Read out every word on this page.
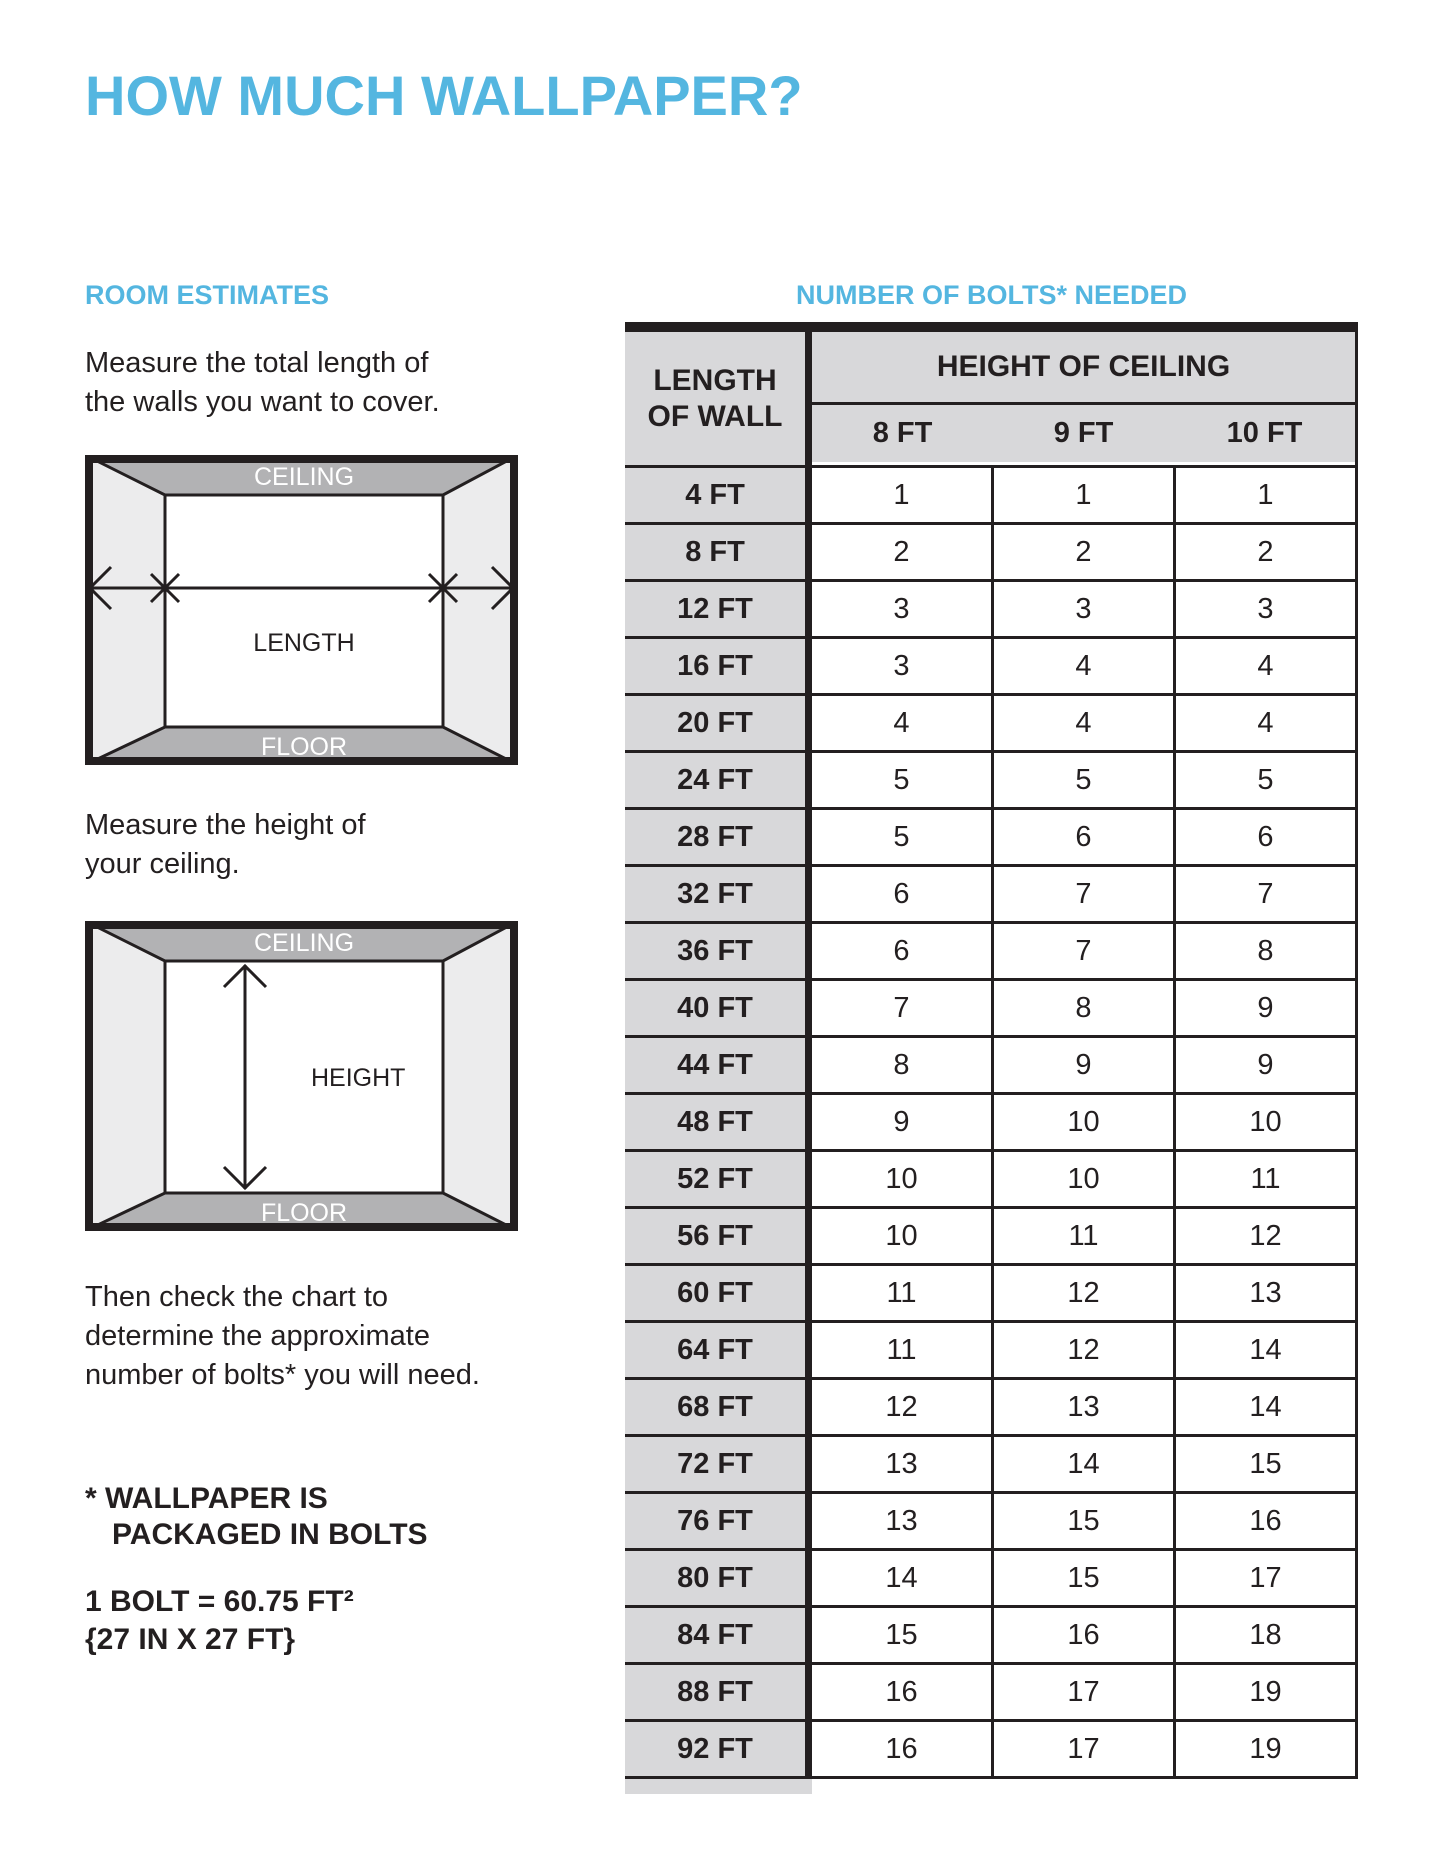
HOW MUCH WALLPAPER?
ROOM ESTIMATES	NUMBER OF BOLTS* NEEDED
Measure the total length of
the walls you want to cover.
CEILING
LENGTH
FLOOR
Measure the height of
your ceiling.
CEILING
HEIGHT
FLOOR
Then check the chart to
determine the approximate
number of bolts* you will need.
* WALLPAPER IS
PACKAGED IN BOLTS
1 BOLT = 60.75 FT²
{27 IN X 27 FT}
LENGTH
OF WALL
HEIGHT OF CEILING
8 FT	9 FT	10 FT
4 FT	1	1	1
8 FT	2	2	2
12 FT	3	3	3
16 FT	3	4	4
20 FT	4	4	4
24 FT	5	5	5
28 FT	5	6	6
32 FT	6	7	7
36 FT	6	7	8
40 FT	7	8	9
44 FT	8	9	9
48 FT	9	10	10
52 FT	10	10	11
56 FT	10	11	12
60 FT	11	12	13
64 FT	11	12	14
68 FT	12	13	14
72 FT	13	14	15
76 FT	13	15	16
80 FT	14	15	17
84 FT	15	16	18
88 FT	16	17	19
92 FT	16	17	19
